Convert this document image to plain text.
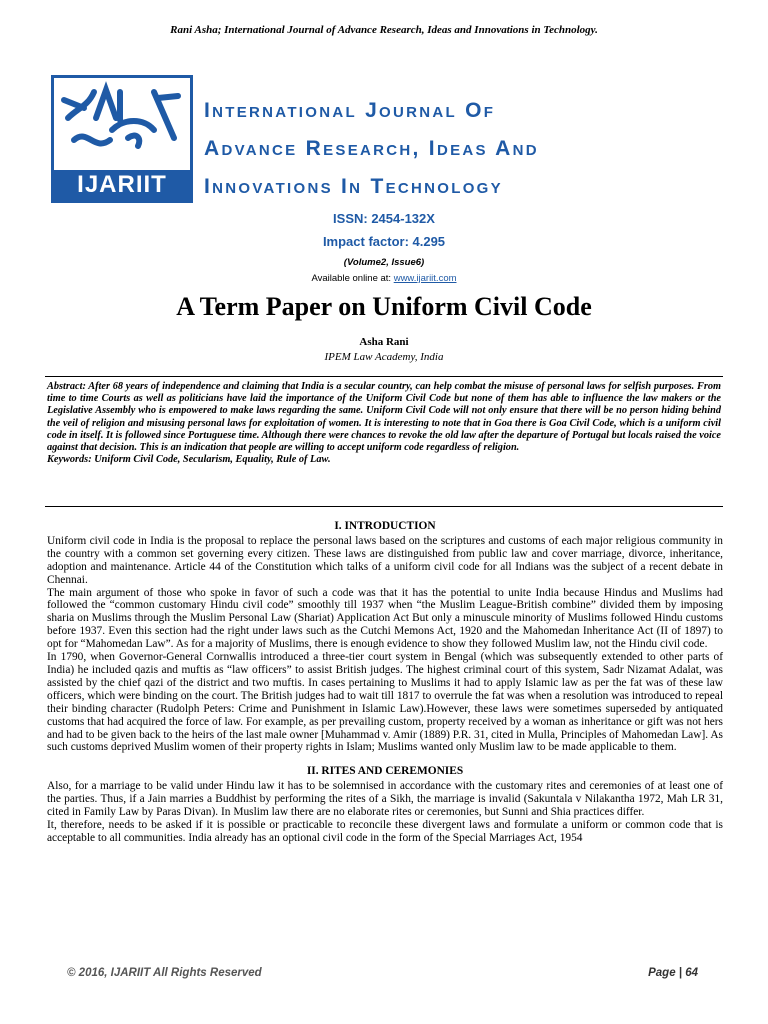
Rani Asha; International Journal of Advance Research, Ideas and Innovations in Technology.
IJARIIT
International Journal Of
Advance Research, Ideas And
Innovations In Technology
ISSN: 2454-132X
Impact factor: 4.295
(Volume2, Issue6)
Available online at: www.ijariit.com
A Term Paper on Uniform Civil Code
Asha Rani
IPEM Law Academy, India
Abstract: After 68 years of independence and claiming that India is a secular country, can help combat the misuse of personal laws for selfish purposes. From time to time Courts as well as politicians have laid the importance of the Uniform Civil Code but none of them has able to influence the law makers or the Legislative Assembly who is empowered to make laws regarding the same. Uniform Civil Code will not only ensure that there will be no person hiding behind the veil of religion and misusing personal laws for exploitation of women. It is interesting to note that in Goa there is Goa Civil Code, which is a uniform civil code in itself. It is followed since Portuguese time. Although there were chances to revoke the old law after the departure of Portugal but locals raised the voice against that decision. This is an indication that people are willing to accept uniform code regardless of religion.
Keywords: Uniform Civil Code, Secularism, Equality, Rule of Law.
I. INTRODUCTION

Uniform civil code in India is the proposal to replace the personal laws based on the scriptures and customs of each major religious community in the country with a common set governing every citizen. These laws are distinguished from public law and cover marriage, divorce, inheritance, adoption and maintenance. Article 44 of the Constitution which talks of a uniform civil code for all Indians was the subject of a recent debate in Chennai.

The main argument of those who spoke in favor of such a code was that it has the potential to unite India because Hindus and Muslims had followed the “common customary Hindu civil code” smoothly till 1937 when “the Muslim League-British combine” divided them by imposing sharia on Muslims through the Muslim Personal Law (Shariat) Application Act But only a minuscule minority of Muslims followed Hindu customs before 1937. Even this section had the right under laws such as the Cutchi Memons Act, 1920 and the Mahomedan Inheritance Act (II of 1897) to opt for “Mahomedan Law”. As for a majority of Muslims, there is enough evidence to show they followed Muslim law, not the Hindu civil code.

In 1790, when Governor-General Cornwallis introduced a three-tier court system in Bengal (which was subsequently extended to other parts of India) he included qazis and muftis as “law officers” to assist British judges. The highest criminal court of this system, Sadr Nizamat Adalat, was assisted by the chief qazi of the district and two muftis. In cases pertaining to Muslims it had to apply Islamic law as per the fat was of these law officers, which were binding on the court. The British judges had to wait till 1817 to overrule the fat was when a resolution was introduced to repeal their binding character (Rudolph Peters: Crime and Punishment in Islamic Law).However, these laws were sometimes superseded by antiquated customs that had acquired the force of law. For example, as per prevailing custom, property received by a woman as inheritance or gift was not hers and had to be given back to the heirs of the last male owner [Muhammad v. Amir (1889) P.R. 31, cited in Mulla, Principles of Mahomedan Law]. As such customs deprived Muslim women of their property rights in Islam; Muslims wanted only Muslim law to be made applicable to them.

II. RITES AND CEREMONIES

Also, for a marriage to be valid under Hindu law it has to be solemnised in accordance with the customary rites and ceremonies of at least one of the parties. Thus, if a Jain marries a Buddhist by performing the rites of a Sikh, the marriage is invalid (Sakuntala v Nilakantha 1972, Mah LR 31, cited in Family Law by Paras Divan). In Muslim law there are no elaborate rites or ceremonies, but Sunni and Shia practices differ.

It, therefore, needs to be asked if it is possible or practicable to reconcile these divergent laws and formulate a uniform or common code that is acceptable to all communities. India already has an optional civil code in the form of the Special Marriages Act, 1954

© 2016, IJARIIT All Rights Reserved	Page | 64
